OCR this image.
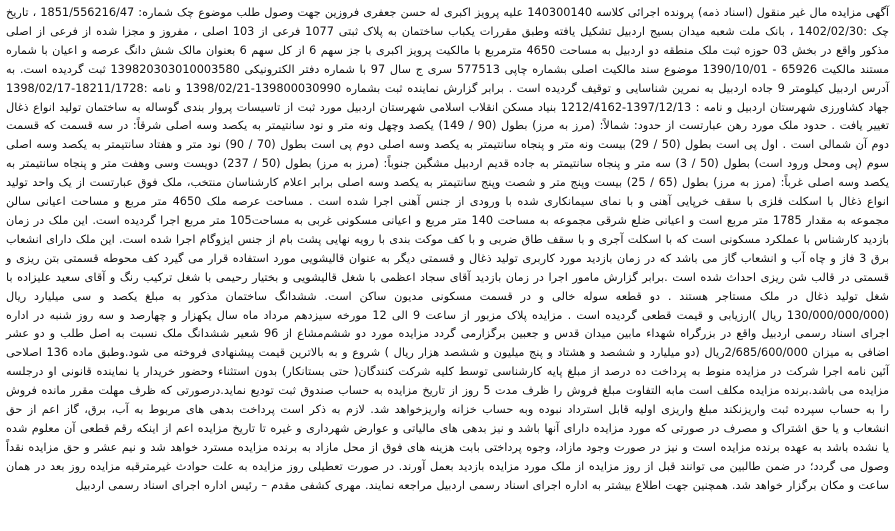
آگهی مزایده مال غیر منقول (اسناد ذمه) پرونده اجرائی کلاسه 140300140 علیه پرویز اکبری له حسن جعفری فروزین جهت وصول طلب موضوع چک شماره: 1851/556216/47 ، تاریخ چک :1402/02/30 ، بانک ملت شعبه میدان بسیج اردبیل تشکیل یافته وطبق مقررات یکباب ساختمان به پلاک ثبتی 1077 فرعی از 103 اصلی ، مفروز و مجزا شده از فرعی از اصلی مذکور واقع در بخش 03 حوزه ثبت ملک منطقه دو اردبیل به مساحت 4650 مترمربع با مالکیت پرویز اکبری با جز سهم 6 از کل سهم 6 بعنوان مالک شش دانگ عرصه و اعیان با شماره مستند مالکیت 65926 - 1390/10/01 موضوع سند مالکیت اصلی بشماره چاپی 577513 سری ج سال 97 با شماره دفتر الکترونیکی 139820303010003580 ثبت گردیده است. به آدرس اردبیل کیلومتر 9 جاده اردبیل به نمرین شناسایی و توقیف گردیده است . برابر گزارش نماینده ثبت بشماره 139800030990-1398/02/21 و نامه :18211/1728-1398/02/17 جهاد کشاورزی شهرستان اردبیل و نامه : 1397/12/13-1212/4162 بنیاد مسکن انقلاب اسلامی شهرستان اردبیل مورد ثبت از تاسیسات پروار بندی گوساله به ساختمان تولید انواع ذغال تغییر یافت . حدود ملک مورد رهن عبارتست از حدود: شمالاً: (مرز به مرز) بطول (90 / 149) یکصد وچهل ونه متر و نود سانتیمتر به یکصد وسه اصلی شرقاً: در سه قسمت که قسمت دوم آن شمالی است . اول پی است بطول (50 / 29) بیست ونه متر و پنجاه سانتیمتر به یکصد وسه اصلی دوم پی است بطول (70 / 90) نود متر و هفتاد سانتیمتر به یکصد وسه اصلی سوم (پی ومحل ورود است) بطول (50 / 3) سه متر و پنجاه سانتیمتر به جاده قدیم اردبیل مشگین جنوباً: (مرز به مرز) بطول (50 / 237) دویست وسی وهفت متر و پنجاه سانتیمتر به یکصد وسه اصلی غرباً: (مرز به مرز) بطول (65 / 25) بیست وپنج متر و شصت وپنج سانتیمتر به یکصد وسه اصلی برابر اعلام کارشناسان منتخب، ملک فوق عبارتست از یک واحد تولید انواع ذغال با اسکلت فلزی با سقف خرپایی آهنی و با نمای سیمانکاری شده با ورودی از جنس آهنی اجرا شده است . مساحت عرصه ملک 4650 متر مربع و مساحت اعیانی سالن مجموعه به مقدار 1785 متر مربع است و اعیانی ضلع شرقی مجموعه به مساحت 140 متر مربع و اعیانی مسکونی غربی به مساحت105 متر مربع اجرا گردیده است. این ملک در زمان بازدید کارشناس با عملکرد مسکونی است که با اسکلت آجری و با سقف طاق ضربی و با کف موکت بندی با رویه نهایی پشت بام از جنس ایزوگام اجرا شده است. این ملک دارای انشعاب برق 3 فاز و چاه آب و انشعاب گاز می باشد که در زمان بازدید مورد کاربری تولید ذغال و قسمتی دیگر به عنوان قالیشویی مورد استفاده قرار می گیرد کف محوطه قسمتی بتن ریزی و قسمتی در قالب شن ریزی احداث شده است .برابر گزارش مامور اجرا در زمان بازدید آقای سجاد اعظمی با شغل قالیشویی و بختیار رحیمی با شغل ترکیب رنگ و آقای سعید علیزاده با شغل تولید ذغال در ملک مستاجر هستند . دو قطعه سوله خالی و در قسمت مسکونی مدیون ساکن است. ششدانگ ساختمان مذکور به مبلغ یکصد و سی میلیارد ریال (130/000/000/000 ریال )ارزیابی و قیمت قطعی گردیده است . مزایده پلاک مزبور از ساعت 9 الی 12 مورخه سیزدهم مرداد ماه سال یکهزار و چهارصد و سه روز شنبه در اداره اجرای اسناد رسمی اردبیل واقع در بزرگراه شهداء مابین میدان قدس و جعبین برگزارمی گردد مزایده مورد دو ششم‌مشاع از 96 شعیر ششدانگ ملک نسبت به اصل طلب و دو عشر اضافی به میزان 2/685/600/000ریال (دو میلیارد و ششصد و هشتاد و پنج میلیون و ششصد هزار ریال ) شروع و به بالاترین قیمت پیشنهادی فروخته می شود.وطبق ماده 136 اصلاحی آئین نامه اجرا شرکت در مزایده منوط به پرداخت ده درصد از مبلغ پایه کارشناسی توسط کلیه شرکت کنندگان( حتی بستانکار) بدون استثناء وحضور خریدار یا نماینده قانونی او درجلسه مزایده می باشد.برنده مزایده مکلف است مابه التفاوت مبلغ فروش را ظرف مدت 5 روز از تاریخ مزایده به حساب صندوق ثبت تودیع نماید.درصورتی که ظرف مهلت مقرر مانده فروش را به حساب سپرده ثبت واریزنکند مبلغ واریزی اولیه قابل استرداد نبوده وبه حساب خزانه واریزخواهد شد. لازم به ذکر است پرداخت بدهی های مربوط به آب، برق، گاز اعم از حق انشعاب و یا حق اشتراک و مصرف در صورتی که مورد مزایده دارای آنها باشد و نیز بدهی های مالیاتی و عوارض شهرداری و غیره تا تاریخ مزایده اعم از اینکه رقم قطعی آن معلوم شده یا نشده باشد به عهده برنده مزایده است و نیز در صورت وجود مازاد، وجوه پرداختی بابت هزینه های فوق از محل مازاد به برنده مزایده مسترد خواهد شد و نیم عشر و حق مزایده نقداً وصول می گردد؛ در ضمن طالبین می توانند قبل از روز مزایده از ملک مورد مزایده بازدید بعمل آورند. در صورت تعطیلی روز مزایده به علت حوادث غیرمترقبه مزایده روز بعد در همان ساعت و مکان برگزار خواهد شد. همچنین جهت اطلاع بیشتر به اداره اجرای اسناد رسمی اردبیل مراجعه نمایند. مهری کشفی مقدم – رئیس اداره اجرای اسناد رسمی اردبیل
